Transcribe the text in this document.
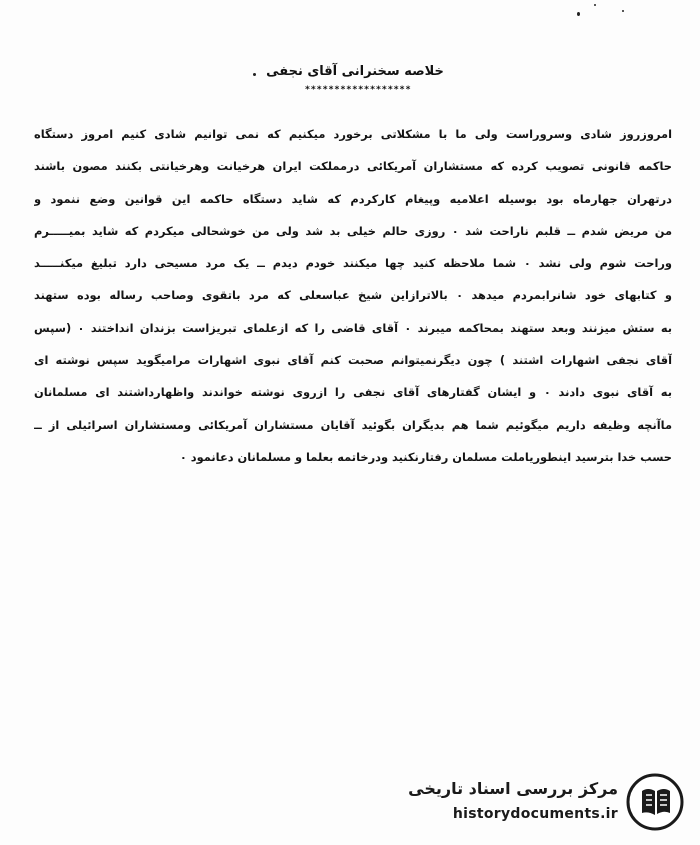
خلاصه سخنرانی آقای نجفی
******************
امروزروز شادی وسروراست ولی ما با مشکلاتی برخورد میکنیم که نمی توانیم شادی کنیم امروز دستگاه
حاکمه قانونی تصویب کرده که مستشاران آمریکائی درمملکت ایران هرخیانت وهرخیانتی بکنند مصون باشند
درتهران جهارماه بود بوسیله اعلامیه وپیغام کارکردم که شاید دستگاه حاکمه این قوانین وضع ننمود و
من مریض شدم ــ قلبم ناراحت شد ۰ روزی حالم خیلی بد شد ولی من خوشحالی میکردم که شاید بمیـــــرم
وراحت شوم ولی نشد ۰ شما ملاحظه کنید چها میکنند خودم دیدم ــ یک مرد مسیحی دارد تبلیغ میکنـــــد
و کتابهای خود شانرابمردم میدهد ۰ بالاترازاین شیخ عباسعلی که مرد باتقوی وصاحب رساله بوده ستهند
به ستش میزنند وبعد ستهند بمحاکمه میبرند ۰ آقای قاضی را که ازعلمای تبریزاست بزندان انداختند ۰ (سپس
آقای نجفی اشهارات اشتند ) چون دیگرنمیتوانم صحبت کنم آقای نبوی اشهارات مرامیگوید سپس نوشته ای
به آقای نبوی دادند ۰ و ایشان گفتارهای آقای نجفی را ازروی نوشته خواندند واظهارداشتند ای مسلمانان
ماآنچه وظیفه داریم میگوئیم شما هم بدیگران بگوئید آقایان مستشاران آمریکائی ومستشاران اسرائیلی از ــ
حسب خدا بترسید اینطوریاملت مسلمان رفتارنکنید ودرخاتمه بعلما و مسلمانان دعانمود ۰
مرکز بررسی اسناد تاریخی
historydocuments.ir
